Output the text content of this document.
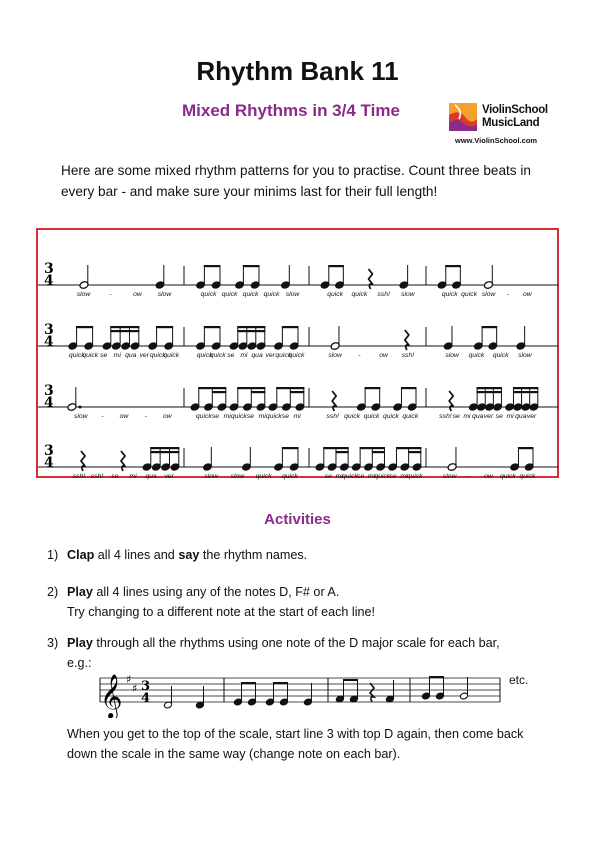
Rhythm Bank 11
Mixed Rhythms in 3/4 Time	ViolinSchool
MusicLand
www.ViolinSchool.com
Here are some mixed rhythm patterns for you to practise. Count three beats in every bar - and make sure your minims last for their full length!
3
4
slow	-	ow slow	quick quick quick quick slow	quick quick ssh! slow	quick quick slow - ow
3
4
quick
quick se mi qua ver quick
quick	quick
quick se mi qua ver quick
quick	slow -	ow ssh!	slow quick quick slow
3
4
slow - ow - ow	quick se mi quick se mi quick se mi	ssh! quick quick quick quick	ssh! se mi qua ver se mi qua ver
3
4
ssh! ssh! se mi qua ver	slow slow quick quick	se mi quick se mi quick se mi quick	slow - ow quick quick
Activities
1) Clap all 4 lines and say the rhythm names.
2) Play all 4 lines using any of the notes D, F# or A.
Try changing to a different note at the start of each line!
3) Play through all the rhythms using one note of the D major scale for each bar,
e.g.:
𝄞 ♯
♯ 3
4
etc.
When you get to the top of the scale, start line 3 with top D again, then come back down the scale in the same way (change note on each bar).
